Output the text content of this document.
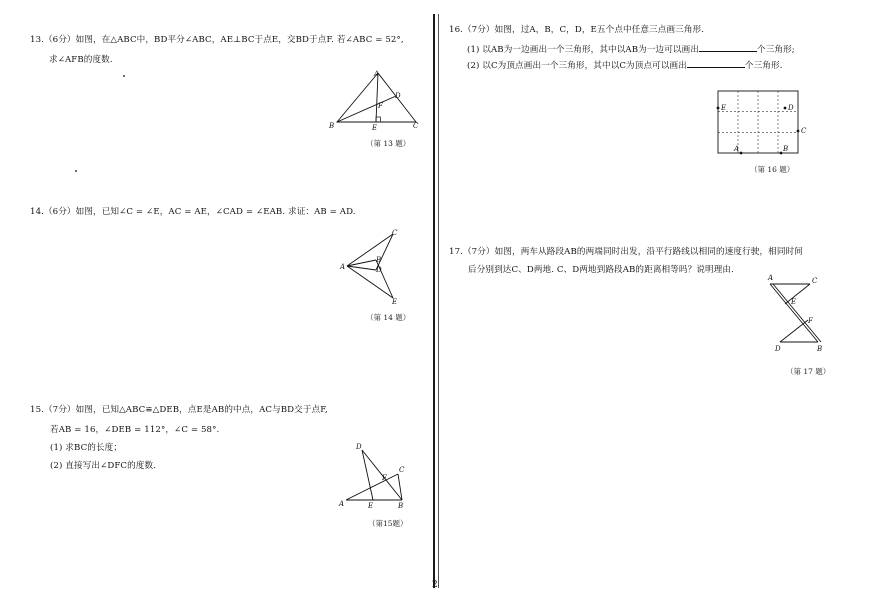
13.（6分）如图，在△ABC中，BD平分∠ABC，AE⊥BC于点E，交BD于点F. 若∠ABC = 52°,
求∠AFB的度数.
A
B	C
D
E
F
（第 13 题）
14.（6分）如图，已知∠C = ∠E，AC = AE，∠CAD = ∠EAB. 求证：AB = AD.
A
C
B
D
E
（第 14 题）
15.（7分）如图，已知△ABC≌△DEB，点E是AB的中点，AC与BD交于点F,
若AB = 16，∠DEB = 112°，∠C = 58°.
(1) 求BC的长度；
(2) 直接写出∠DFC的度数.
A	B
C
D
E
F
（第15题）
2
16.（7分）如图，过A，B，C，D，E五个点中任意三点画三角形.
(1) 以AB为一边画出一个三角形，其中以AB为一边可以画出	个三角形;
(2) 以C为顶点画出一个三角形，其中以C为顶点可以画出	个三角形.
E	D
C
A	B
（第 16 题）
17.（7分）如图，两车从路段AB的两端同时出发，沿平行路线以相同的速度行驶，相同时间
后分别到达C、D两地. C、D两地到路段AB的距离相等吗？说明理由.
A	C
E
F
D	B
（第 17 题）
